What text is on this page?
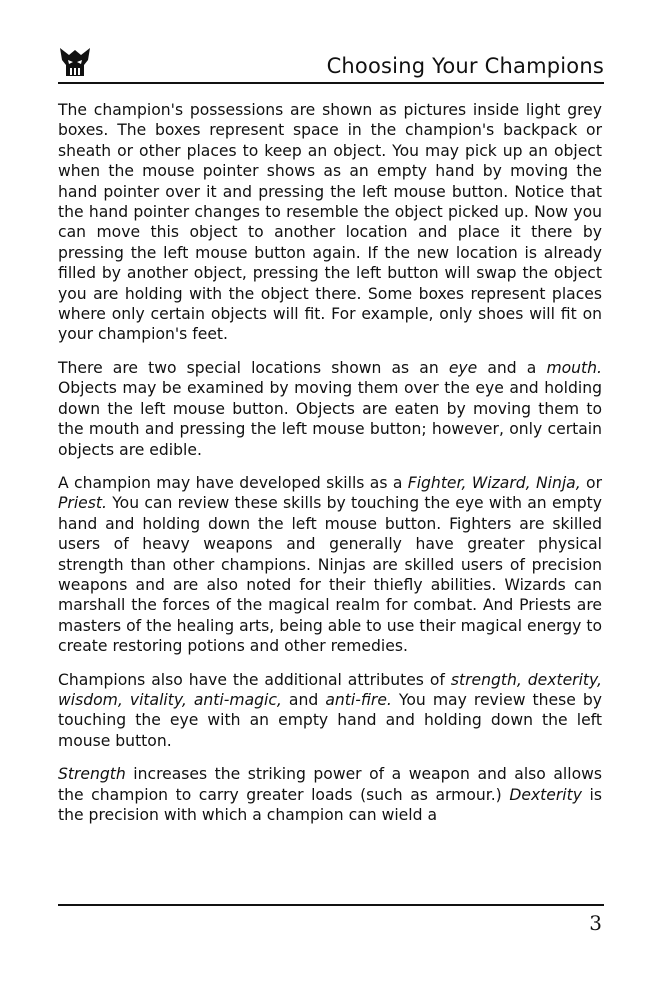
Choosing Your Champions

The champion's possessions are shown as pictures inside light grey boxes. The boxes represent space in the champion's backpack or sheath or other places to keep an object. You may pick up an object when the mouse pointer shows as an empty hand by moving the hand pointer over it and pressing the left mouse button. Notice that the hand pointer changes to resemble the object picked up. Now you can move this object to another location and place it there by pressing the left mouse button again. If the new location is already filled by another object, pressing the left button will swap the object you are holding with the object there. Some boxes represent places where only certain objects will fit. For example, only shoes will fit on your champion's feet.

There are two special locations shown as an eye and a mouth. Objects may be examined by moving them over the eye and holding down the left mouse button. Objects are eaten by moving them to the mouth and pressing the left mouse button; however, only certain objects are edible.

A champion may have developed skills as a Fighter, Wizard, Ninja, or Priest. You can review these skills by touching the eye with an empty hand and holding down the left mouse button. Fighters are skilled users of heavy weapons and generally have greater physical strength than other champions. Ninjas are skilled users of precision weapons and are also noted for their thiefly abilities. Wizards can marshall the forces of the magical realm for combat. And Priests are masters of the healing arts, being able to use their magical energy to create restoring potions and other remedies.

Champions also have the additional attributes of strength, dexterity, wisdom, vitality, anti-magic, and anti-fire. You may review these by touching the eye with an empty hand and holding down the left mouse button.

Strength increases the striking power of a weapon and also allows the champion to carry greater loads (such as armour.) Dexterity is the precision with which a champion can wield a

3
